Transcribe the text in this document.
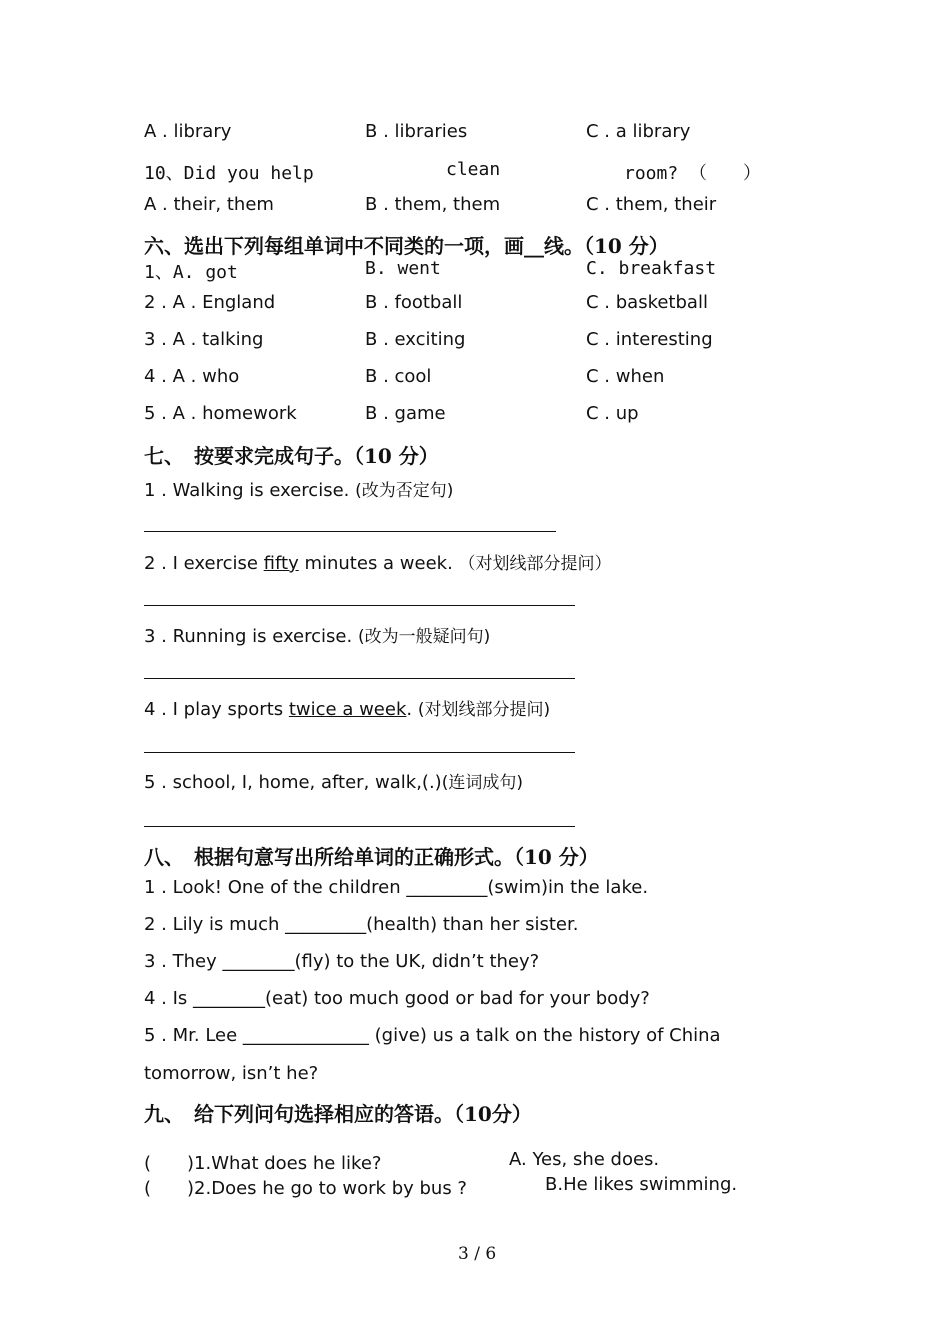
A . library	B . libraries	C . a library
10、Did you help	clean	room? （　　）
A . their, them	B . them, them	C . them, their
六、选出下列每组单词中不同类的一项，画__线。（10 分）
1、A. got	B. went	C. breakfast
2 . A . England	B . football	C . basketball
3 . A . talking	B . exciting	C . interesting
4 . A . who	B . cool	C . when
5 . A . homework	B . game	C . up
七、　按要求完成句子。（10 分）
1 . Walking is exercise. (改为否定句)
2 . I exercise fifty minutes a week. （对划线部分提问）
3 . Running is exercise. (改为一般疑问句)
4 . I play sports twice a week. (对划线部分提问)
5 . school, I, home, after, walk,(.)(连词成句)
八、　根据句意写出所给单词的正确形式。（10 分）
1 . Look! One of the children _________(swim)in the lake.
2 . Lily is much _________(health) than her sister.
3 . They ________(fly) to the UK, didn’t they?
4 . Is ________(eat) too much good or bad for your body?
5 . Mr. Lee ______________ (give) us a talk on the history of China
tomorrow, isn’t he?
九、　给下列问句选择相应的答语。（10分）
(　　)1.What does he like?	A. Yes, she does.
(　　)2.Does he go to work by bus ?	B.He likes swimming.
3 / 6
